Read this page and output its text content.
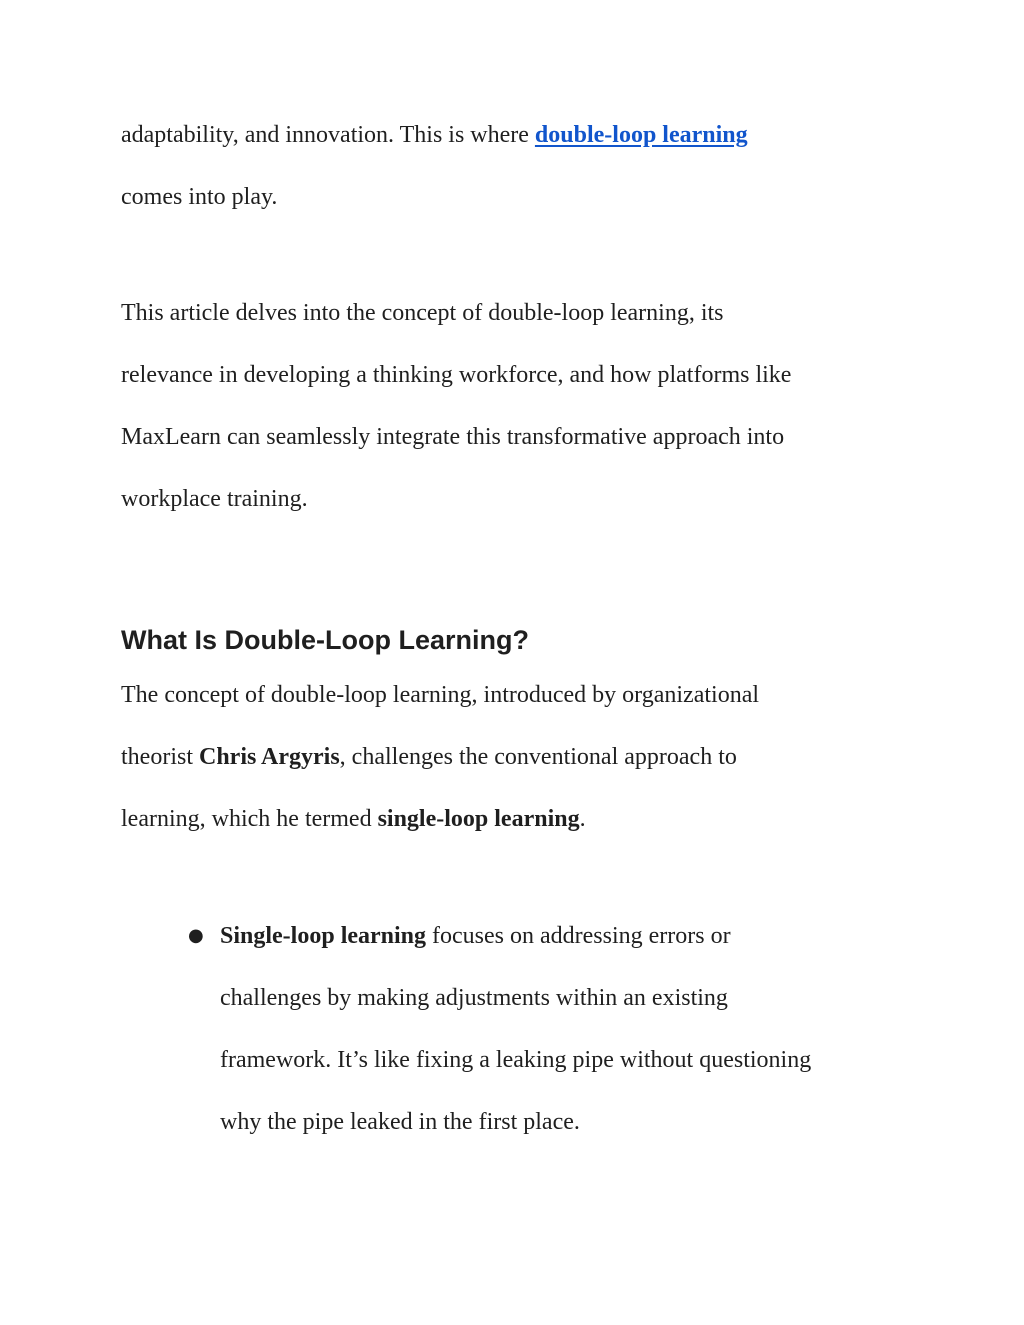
adaptability, and innovation. This is where double-loop learning
comes into play.
This article delves into the concept of double-loop learning, its
relevance in developing a thinking workforce, and how platforms like
MaxLearn can seamlessly integrate this transformative approach into
workplace training.
What Is Double-Loop Learning?
The concept of double-loop learning, introduced by organizational
theorist Chris Argyris, challenges the conventional approach to
learning, which he termed single-loop learning.
● Single-loop learning focuses on addressing errors or
challenges by making adjustments within an existing
framework. It’s like fixing a leaking pipe without questioning
why the pipe leaked in the first place.
